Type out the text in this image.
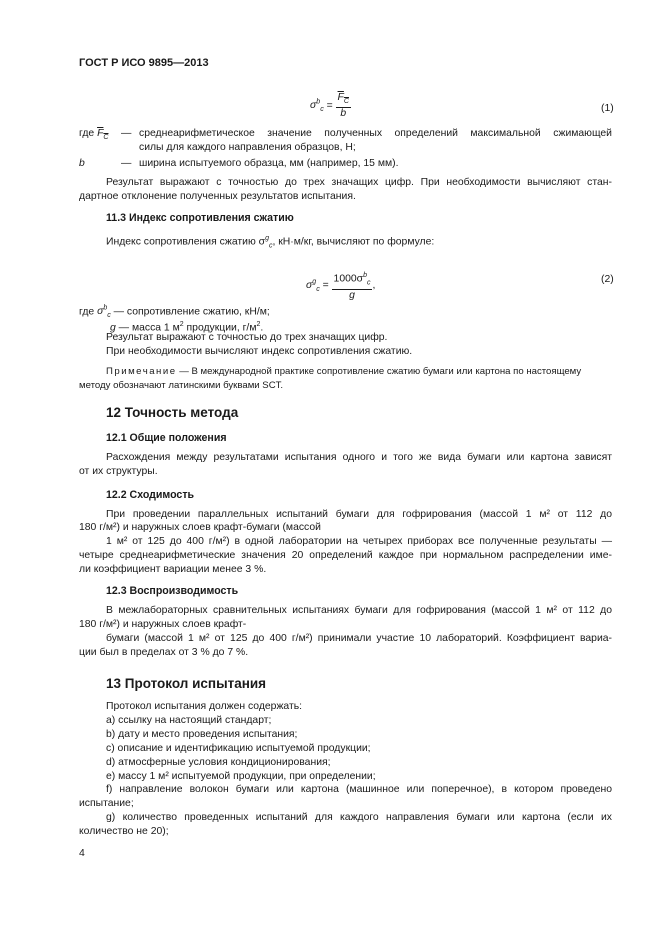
ГОСТ Р ИСО 9895—2013
$\sigma^b_c = \frac{F_C}{b}$	(1)
где $F_C$ — среднеарифметическое значение полученных определений максимальной сжимающей
силы для каждого направления образцов, Н;
b	— ширина испытуемого образца, мм (например, 15 мм).
Результат выражают с точностью до трех значащих цифр. При необходимости вычисляют стан-
дартное отклонение полученных результатов испытания.
11.3 Индекс сопротивления сжатию
Индекс сопротивления сжатию $\sigma^g_c$, кН·м/кг, вычисляют по формуле:
$\sigma^g_c = \frac{1000\sigma^b_c}{g}$ ,
(2)
где $\sigma^b_c$ — сопротивление сжатию, кН/м;
g — масса 1 $м^2$ продукции, $г/м^2$.
Результат выражают с точностью до трех значащих цифр.
При необходимости вычисляют индекс сопротивления сжатию.
Примечание — В международной практике сопротивление сжатию бумаги или картона по настоящему
методу обозначают латинскими буквами SCT.
12 Точность метода
12.1 Общие положения
Расхождения между результатами испытания одного и того же вида бумаги или картона зависят
от их структуры.
12.2 Сходимость
При проведении параллельных испытаний бумаги для гофрирования (массой 1 м² от 112 до
180 г/м²) и наружных слоев крафт-бумаги (массой
1 м² от 125 до 400 г/м²) в одной лаборатории на четырех приборах все полученные результаты —
четыре среднеарифметические значения 20 определений каждое при нормальном распределении име-
ли коэффициент вариации менее 3 %.
12.3 Воспроизводимость
В межлабораторных сравнительных испытаниях бумаги для гофрирования (массой 1 м² от 112 до
180 г/м²) и наружных слоев крафт-
бумаги (массой 1 м² от 125 до 400 г/м²) принимали участие 10 лабораторий. Коэффициент вариа-
ции был в пределах от 3 % до 7 %.
13 Протокол испытания
Протокол испытания должен содержать:
a) ссылку на настоящий стандарт;
b) дату и место проведения испытания;
c) описание и идентификацию испытуемой продукции;
d) атмосферные условия кондиционирования;
e) массу 1 м² испытуемой продукции, при определении;
f) направление волокон бумаги или картона (машинное или поперечное), в котором проведено
испытание;
g) количество проведенных испытаний для каждого направления бумаги или картона (если их
количество не 20);
4
